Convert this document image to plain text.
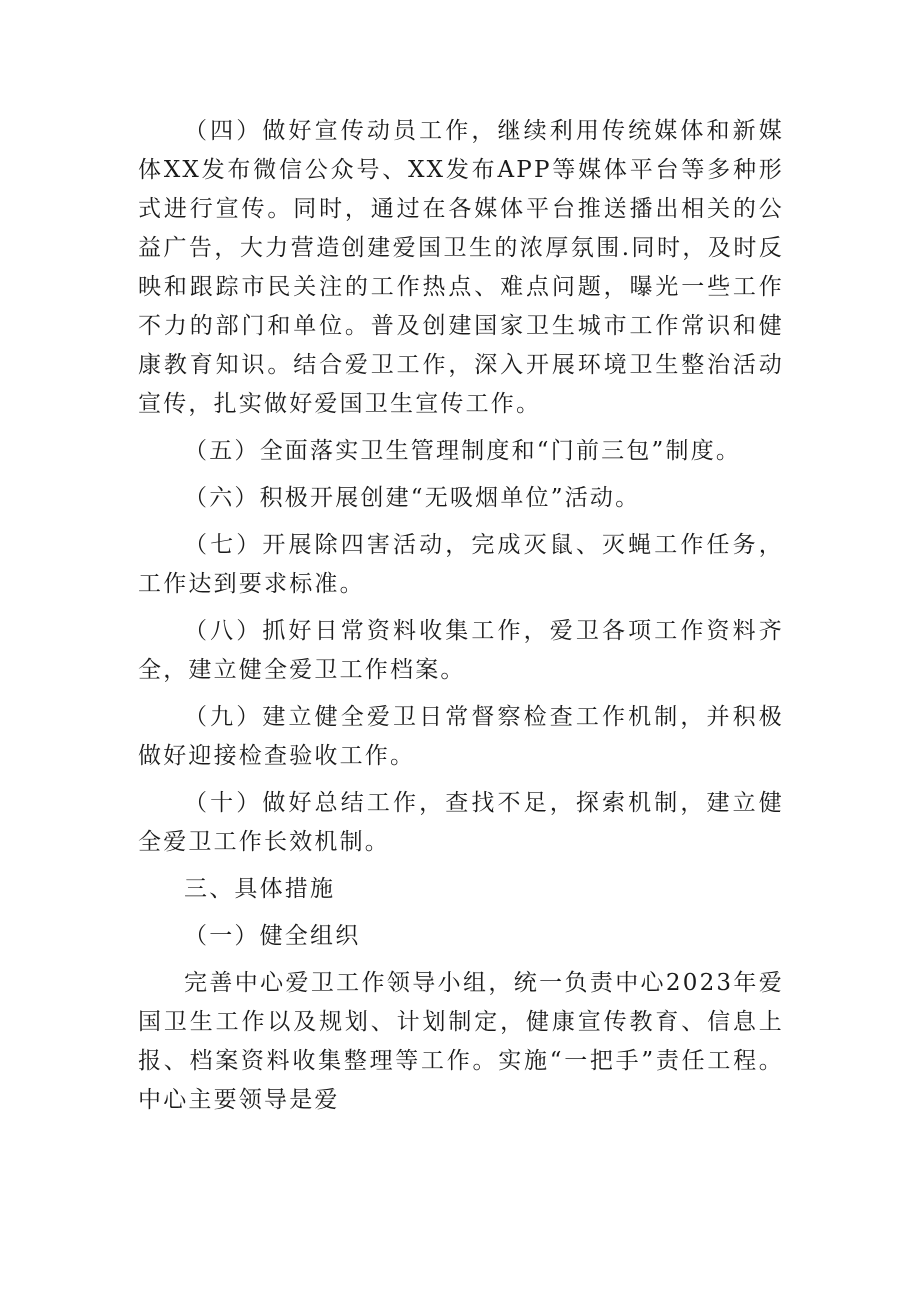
（四）做好宣传动员工作，继续利用传统媒体和新媒体XX发布微信公众号、XX发布APP等媒体平台等多种形式进行宣传。同时，通过在各媒体平台推送播出相关的公益广告，大力营造创建爱国卫生的浓厚氛围.同时，及时反映和跟踪市民关注的工作热点、难点问题，曝光一些工作不力的部门和单位。普及创建国家卫生城市工作常识和健康教育知识。结合爱卫工作，深入开展环境卫生整治活动宣传，扎实做好爱国卫生宣传工作。

（五）全面落实卫生管理制度和“门前三包”制度。

（六）积极开展创建“无吸烟单位”活动。

（七）开展除四害活动，完成灭鼠、灭蝇工作任务，工作达到要求标准。

（八）抓好日常资料收集工作，爱卫各项工作资料齐全，建立健全爱卫工作档案。

（九）建立健全爱卫日常督察检查工作机制，并积极做好迎接检查验收工作。

（十）做好总结工作，查找不足，探索机制，建立健全爱卫工作长效机制。

三、具体措施

（一）健全组织

完善中心爱卫工作领导小组，统一负责中心2023年爱国卫生工作以及规划、计划制定，健康宣传教育、信息上报、档案资料收集整理等工作。实施“一把手”责任工程。中心主要领导是爱
